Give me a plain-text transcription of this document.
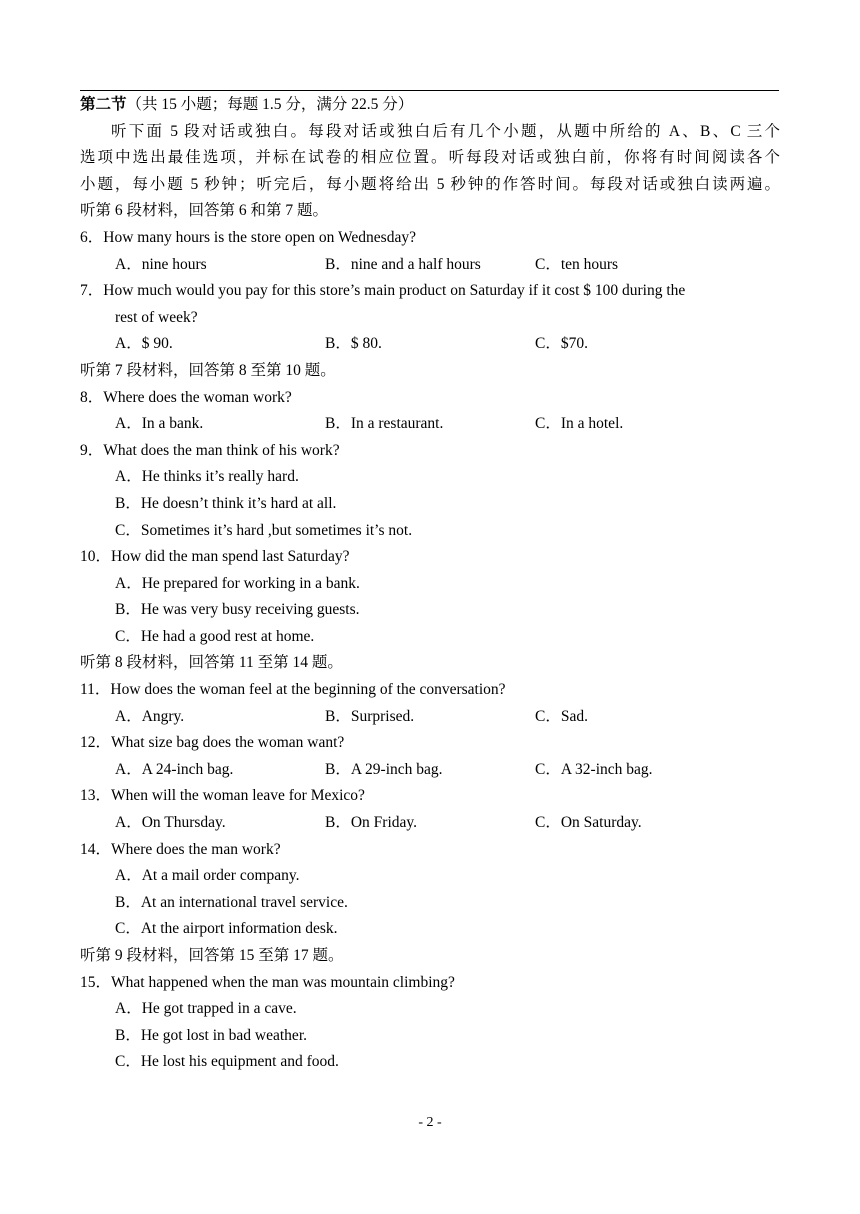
第二节（共 15 小题；每题 1.5 分，满分 22.5 分）
听下面 5 段对话或独白。每段对话或独白后有几个小题，从题中所给的 A、B、C 三个
选项中选出最佳选项，并标在试卷的相应位置。听每段对话或独白前，你将有时间阅读各个
小题，每小题 5 秒钟；听完后，每小题将给出 5 秒钟的作答时间。每段对话或独白读两遍。
听第 6 段材料，回答第 6 和第 7 题。
6．How many hours is the store open on Wednesday?
A．nine hours	B．nine and a half hours	C．ten hours
7．How much would you pay for this store’s main product on Saturday if it cost $ 100 during the
rest of week?
A．$ 90.	B．$ 80.	C．$70.
听第 7 段材料，回答第 8 至第 10 题。
8．Where does the woman work?
A．In a bank.	B．In a restaurant.	C．In a hotel.
9．What does the man think of his work?
A．He thinks it’s really hard.
B．He doesn’t think it’s hard at all.
C．Sometimes it’s hard ,but sometimes it’s not.
10．How did the man spend last Saturday?
A．He prepared for working in a bank.
B．He was very busy receiving guests.
C．He had a good rest at home.
听第 8 段材料，回答第 11 至第 14 题。
11．How does the woman feel at the beginning of the conversation?
A．Angry.	B．Surprised.	C．Sad.
12．What size bag does the woman want?
A．A 24-inch bag.	B．A 29-inch bag.	C．A 32-inch bag.
13．When will the woman leave for Mexico?
A．On Thursday.	B．On Friday.	C．On Saturday.
14．Where does the man work?
A．At a mail order company.
B．At an international travel service.
C．At the airport information desk.
听第 9 段材料，回答第 15 至第 17 题。
15．What happened when the man was mountain climbing?
A．He got trapped in a cave.
B．He got lost in bad weather.
C．He lost his equipment and food.
- 2 -
